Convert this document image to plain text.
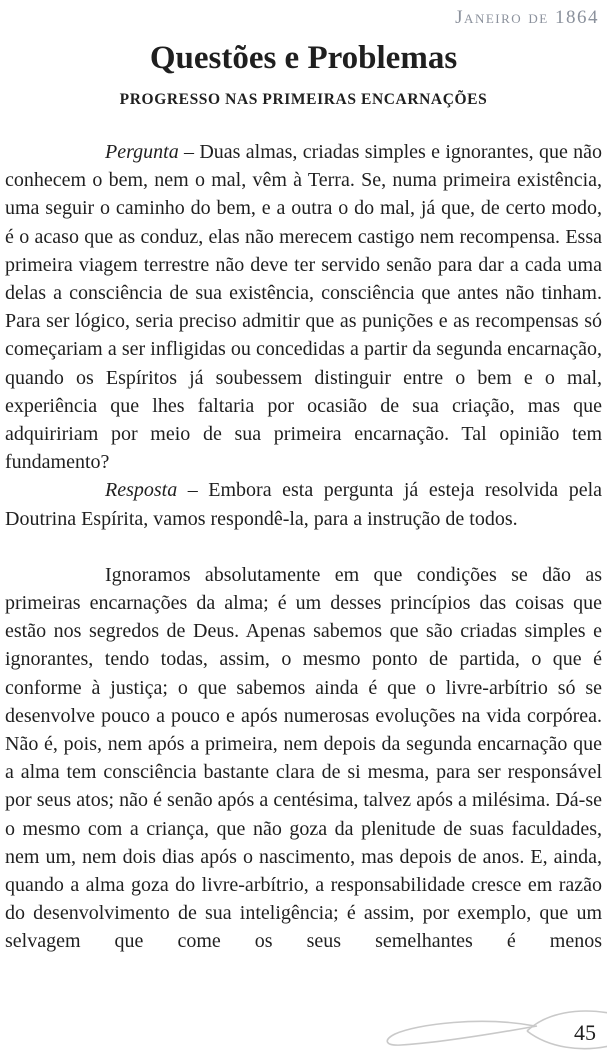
Janeiro de 1864
Questões e Problemas
PROGRESSO NAS PRIMEIRAS ENCARNAÇÕES

Pergunta – Duas almas, criadas simples e ignorantes, que não conhecem o bem, nem o mal, vêm à Terra. Se, numa primeira existência, uma seguir o caminho do bem, e a outra o do mal, já que, de certo modo, é o acaso que as conduz, elas não merecem castigo nem recompensa. Essa primeira viagem terrestre não deve ter servido senão para dar a cada uma delas a consciência de sua existência, consciência que antes não tinham. Para ser lógico, seria preciso admitir que as punições e as recompensas só começariam a ser infligidas ou concedidas a partir da segunda encarnação, quando os Espíritos já soubessem distinguir entre o bem e o mal, experiência que lhes faltaria por ocasião de sua criação, mas que adquiririam por meio de sua primeira encarnação. Tal opinião tem fundamento?

Resposta – Embora esta pergunta já esteja resolvida pela Doutrina Espírita, vamos respondê-la, para a instrução de todos.

Ignoramos absolutamente em que condições se dão as primeiras encarnações da alma; é um desses princípios das coisas que estão nos segredos de Deus. Apenas sabemos que são criadas simples e ignorantes, tendo todas, assim, o mesmo ponto de partida, o que é conforme à justiça; o que sabemos ainda é que o livre-arbítrio só se desenvolve pouco a pouco e após numerosas evoluções na vida corpórea. Não é, pois, nem após a primeira, nem depois da segunda encarnação que a alma tem consciência bastante clara de si mesma, para ser responsável por seus atos; não é senão após a centésima, talvez após a milésima. Dá-se o mesmo com a criança, que não goza da plenitude de suas faculdades, nem um, nem dois dias após o nascimento, mas depois de anos. E, ainda, quando a alma goza do livre-arbítrio, a responsabilidade cresce em razão do desenvolvimento de sua inteligência; é assim, por exemplo, que um selvagem que come os seus semelhantes é menos

45
